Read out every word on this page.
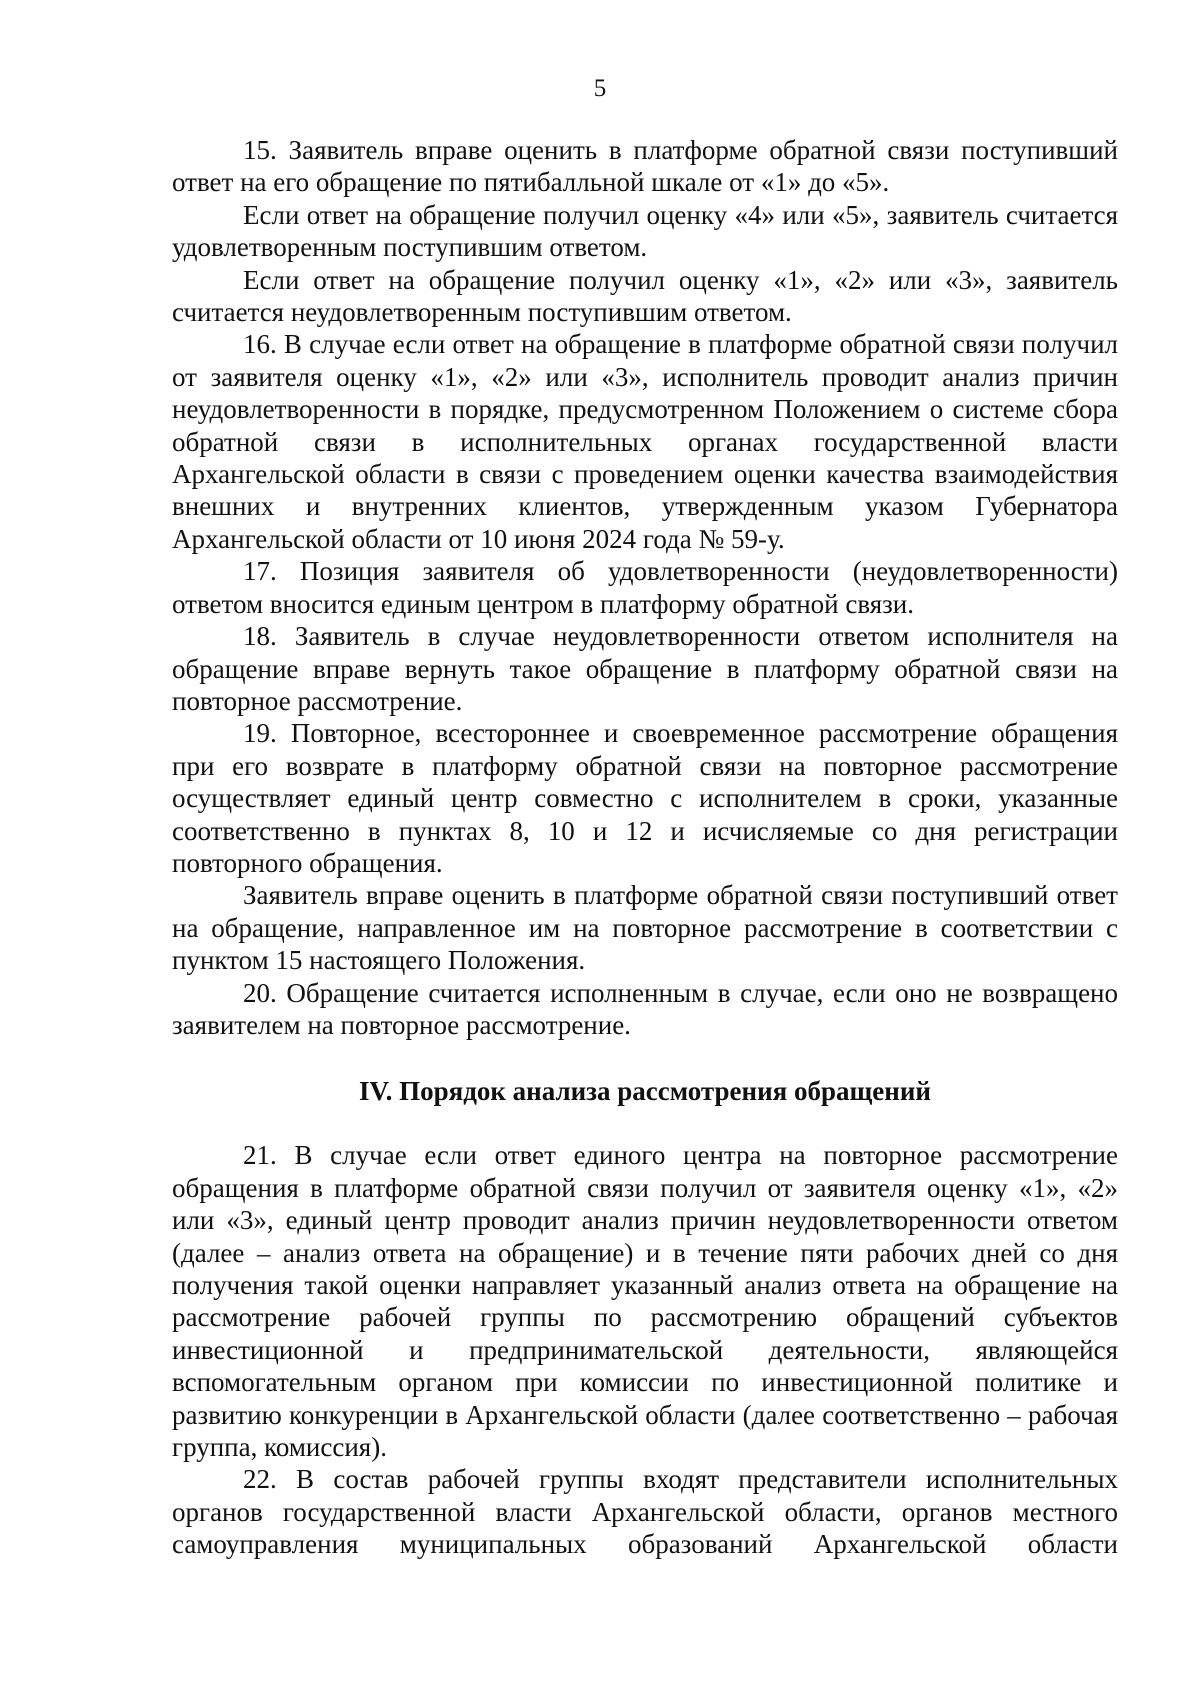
5

15. Заявитель вправе оценить в платформе обратной связи поступивший ответ на его обращение по пятибалльной шкале от «1» до «5».

Если ответ на обращение получил оценку «4» или «5», заявитель считается удовлетворенным поступившим ответом.

Если ответ на обращение получил оценку «1», «2» или «3», заявитель считается неудовлетворенным поступившим ответом.

16. В случае если ответ на обращение в платформе обратной связи получил от заявителя оценку «1», «2» или «3», исполнитель проводит анализ причин неудовлетворенности в порядке, предусмотренном Положением о системе сбора обратной связи в исполнительных органах государственной власти Архангельской области в связи с проведением оценки качества взаимодействия внешних и внутренних клиентов, утвержденным указом Губернатора Архангельской области от 10 июня 2024 года № 59-у.

17. Позиция заявителя об удовлетворенности (неудовлетворенности) ответом вносится единым центром в платформу обратной связи.

18. Заявитель в случае неудовлетворенности ответом исполнителя на обращение вправе вернуть такое обращение в платформу обратной связи на повторное рассмотрение.

19. Повторное, всестороннее и своевременное рассмотрение обращения при его возврате в платформу обратной связи на повторное рассмотрение осуществляет единый центр совместно с исполнителем в сроки, указанные соответственно в пунктах 8, 10 и 12 и исчисляемые со дня регистрации повторного обращения.

Заявитель вправе оценить в платформе обратной связи поступивший ответ на обращение, направленное им на повторное рассмотрение в соответствии с пунктом 15 настоящего Положения.

20. Обращение считается исполненным в случае, если оно не возвращено заявителем на повторное рассмотрение.

IV. Порядок анализа рассмотрения обращений

21. В случае если ответ единого центра на повторное рассмотрение обращения в платформе обратной связи получил от заявителя оценку «1», «2» или «3», единый центр проводит анализ причин неудовлетворенности ответом (далее – анализ ответа на обращение) и в течение пяти рабочих дней со дня получения такой оценки направляет указанный анализ ответа на обращение на рассмотрение рабочей группы по рассмотрению обращений субъектов инвестиционной и предпринимательской деятельности, являющейся вспомогательным органом при комиссии по инвестиционной политике и развитию конкуренции в Архангельской области (далее соответственно – рабочая группа, комиссия).

22. В состав рабочей группы входят представители исполнительных органов государственной власти Архангельской области, органов местного самоуправления муниципальных образований Архангельской области
